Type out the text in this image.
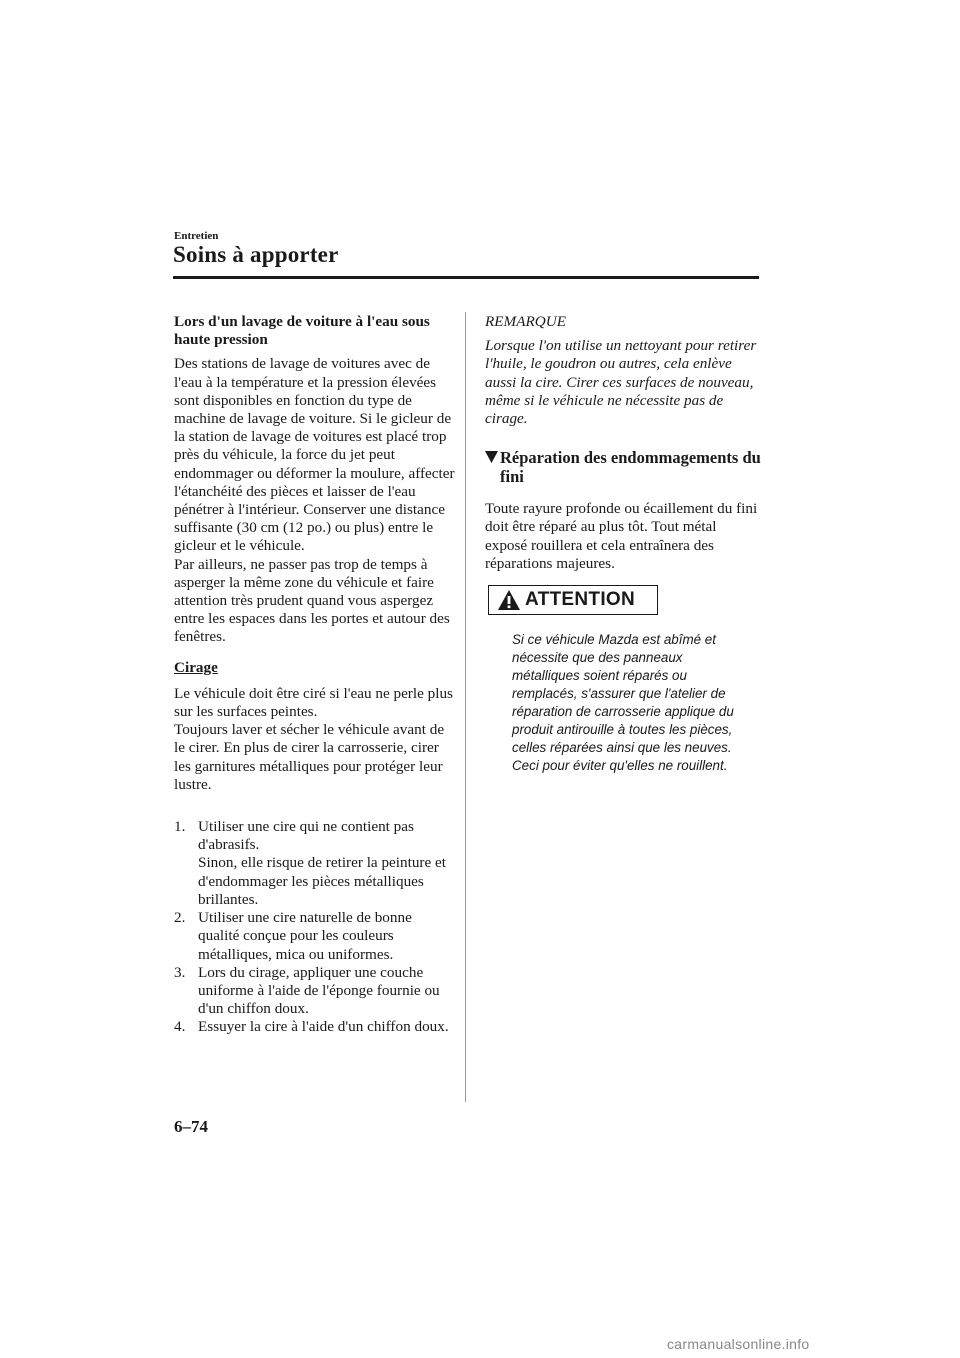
Entretien
Soins à apporter
Lors d'un lavage de voiture à l'eau sous
haute pression

Des stations de lavage de voitures avec de l'eau à la température et la pression élevées sont disponibles en fonction du type de machine de lavage de voiture. Si le gicleur de la station de lavage de voitures est placé trop près du véhicule, la force du jet peut endommager ou déformer la moulure, affecter l'étanchéité des pièces et laisser de l'eau pénétrer à l'intérieur. Conserver une distance suffisante (30 cm (12 po.) ou plus) entre le gicleur et le véhicule.

Par ailleurs, ne passer pas trop de temps à asperger la même zone du véhicule et faire attention très prudent quand vous aspergez entre les espaces dans les portes et autour des fenêtres.

Cirage

Le véhicule doit être ciré si l'eau ne perle plus sur les surfaces peintes.

Toujours laver et sécher le véhicule avant de le cirer. En plus de cirer la carrosserie, cirer les garnitures métalliques pour protéger leur lustre.

1. Utiliser une cire qui ne contient pas d'abrasifs.
Sinon, elle risque de retirer la peinture et d'endommager les pièces métalliques brillantes.
2. Utiliser une cire naturelle de bonne qualité conçue pour les couleurs métalliques, mica ou uniformes.
3. Lors du cirage, appliquer une couche uniforme à l'aide de l'éponge fournie ou d'un chiffon doux.
4. Essuyer la cire à l'aide d'un chiffon doux.
REMARQUE
Lorsque l'on utilise un nettoyant pour retirer l'huile, le goudron ou autres, cela enlève aussi la cire. Cirer ces surfaces de nouveau, même si le véhicule ne nécessite pas de cirage.
Réparation des endommagements du fini

Toute rayure profonde ou écaillement du fini doit être réparé au plus tôt. Tout métal exposé rouillera et cela entraînera des réparations majeures.

ATTENTION
Si ce véhicule Mazda est abîmé et nécessite que des panneaux métalliques soient réparés ou remplacés, s'assurer que l'atelier de réparation de carrosserie applique du produit antirouille à toutes les pièces, celles réparées ainsi que les neuves. Ceci pour éviter qu'elles ne rouillent.
6–74
carmanualsonline.info
